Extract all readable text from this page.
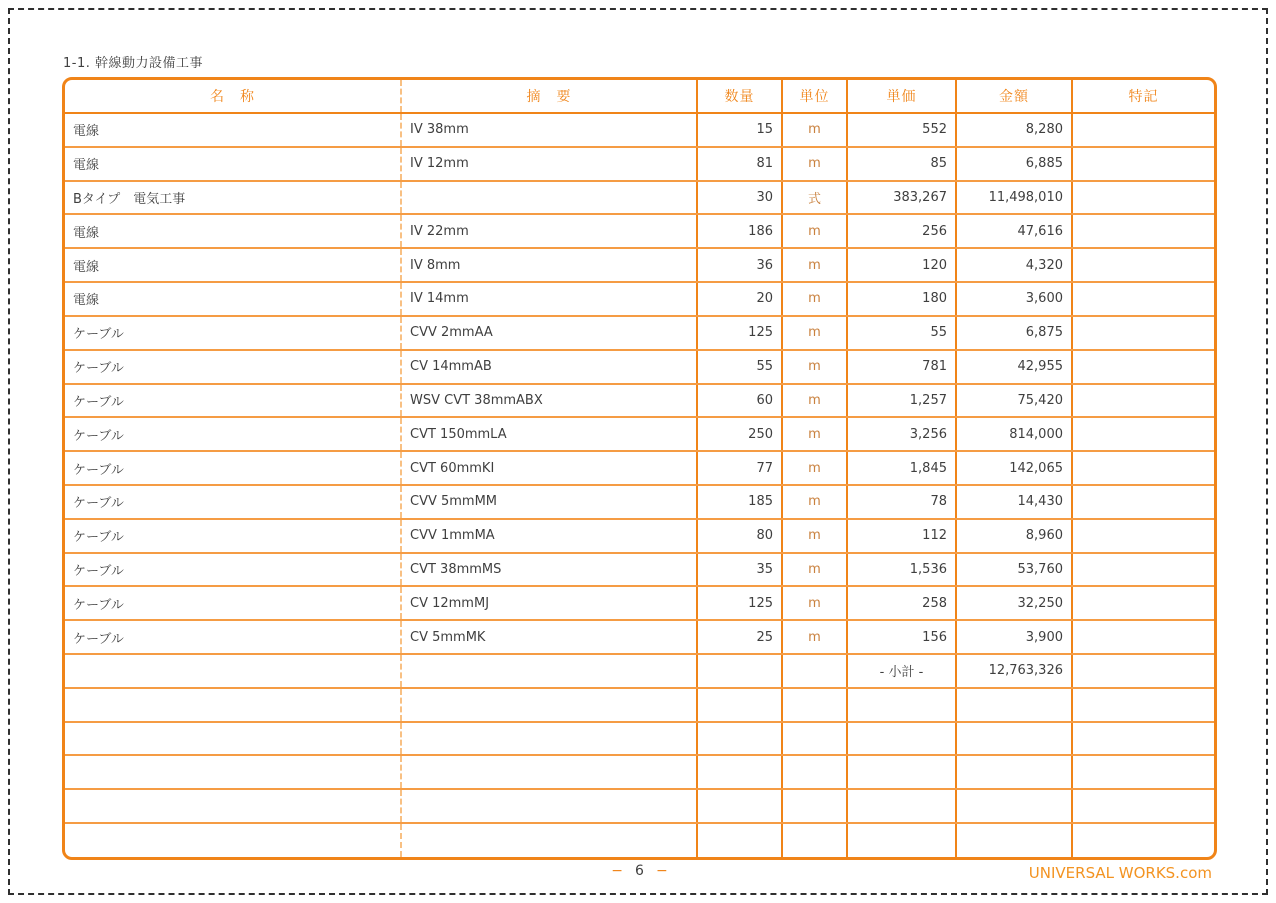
1-1. 幹線動力設備工事
名　称	摘　要	数量	単位	単価	金額	特記
電線	IV 38mm	15	m	552	8,280	
電線	IV 12mm	81	m	85	6,885	
Bタイプ　電気工事		30	式	383,267	11,498,010	
電線	IV 22mm	186	m	256	47,616	
電線	IV 8mm	36	m	120	4,320	
電線	IV 14mm	20	m	180	3,600	
ケーブル	CVV 2mmAA	125	m	55	6,875	
ケーブル	CV 14mmAB	55	m	781	42,955	
ケーブル	WSV CVT 38mmABX	60	m	1,257	75,420	
ケーブル	CVT 150mmLA	250	m	3,256	814,000	
ケーブル	CVT 60mmKI	77	m	1,845	142,065	
ケーブル	CVV 5mmMM	185	m	78	14,430	
ケーブル	CVV 1mmMA	80	m	112	8,960	
ケーブル	CVT 38mmMS	35	m	1,536	53,760	
ケーブル	CV 12mmMJ	125	m	258	32,250	
ケーブル	CV 5mmMK	25	m	156	3,900	
				- 小計 -	12,763,326	

− 6 −	UNIVERSAL WORKS.com
